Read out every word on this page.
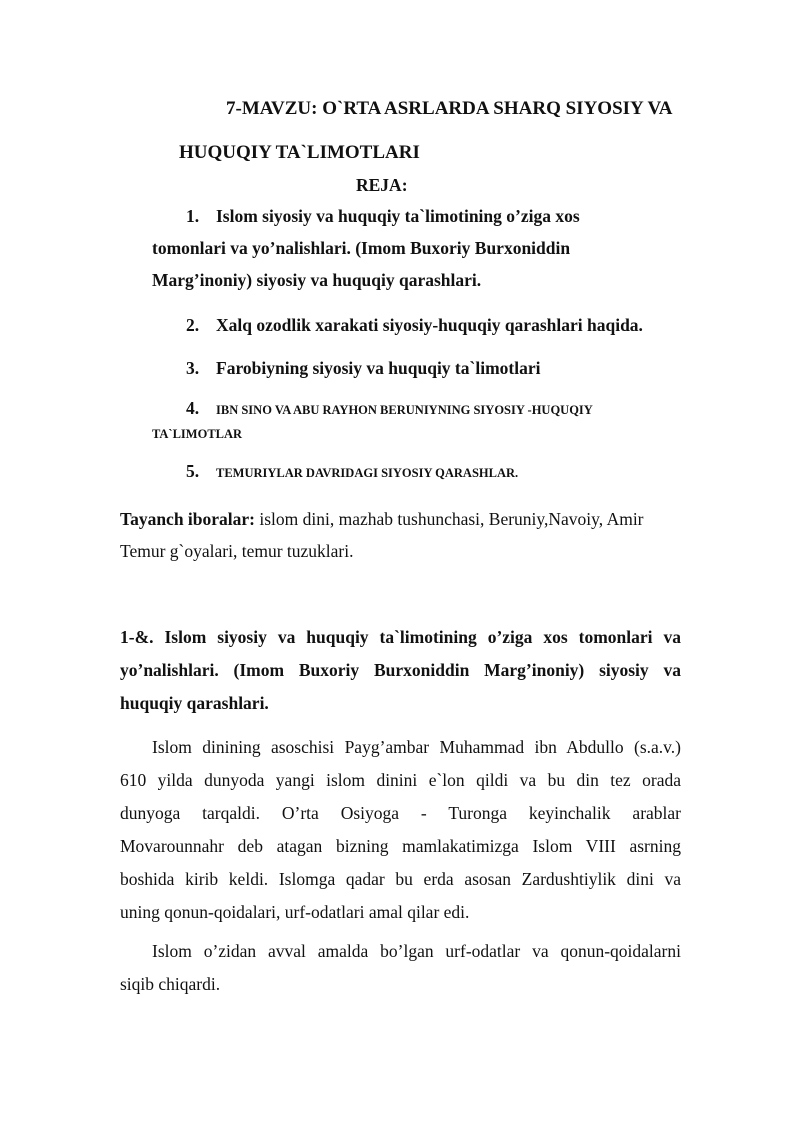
7-MAVZU: O`RTA ASRLARDA SHARQ SIYOSIY VA
HUQUQIY TA`LIMOTLARI
REJA:
1. Islom siyosiy va huquqiy ta`limotining o’ziga xos
tomonlari va yo’nalishlari. (Imom Buxoriy Burxoniddin
Marg’inoniy) siyosiy va huquqiy qarashlari.
2. Xalq ozodlik xarakati siyosiy-huquqiy qarashlari haqida.
3. Farobiyning siyosiy va huquqiy ta`limotlari
4. IBN SINO VA ABU RAYHON BERUNIYNING SIYOSIY -HUQUQIY
TA`LIMOTLAR
5. TEMURIYLAR DAVRIDAGI SIYOSIY QARASHLAR.
Tayanch iboralar: islom dini, mazhab tushunchasi, Beruniy,Navoiy, Amir
Temur g`oyalari, temur tuzuklari.
1-&. Islom siyosiy va huquqiy ta`limotining o’ziga xos tomonlari va
yo’nalishlari. (Imom Buxoriy Burxoniddin Marg’inoniy) siyosiy va
huquqiy qarashlari.
Islom dinining asoschisi Payg’ambar Muhammad ibn Abdullo (s.a.v.)
610 yilda dunyoda yangi islom dinini e`lon qildi va bu din tez orada
dunyoga tarqaldi. O’rta Osiyoga - Turonga keyinchalik arablar
Movarounnahr deb atagan bizning mamlakatimizga Islom VIII asrning
boshida kirib keldi. Islomga qadar bu erda asosan Zardushtiylik dini va
uning qonun-qoidalari, urf-odatlari amal qilar edi.
Islom o’zidan avval amalda bo’lgan urf-odatlar va qonun-qoidalarni
siqib chiqardi.
